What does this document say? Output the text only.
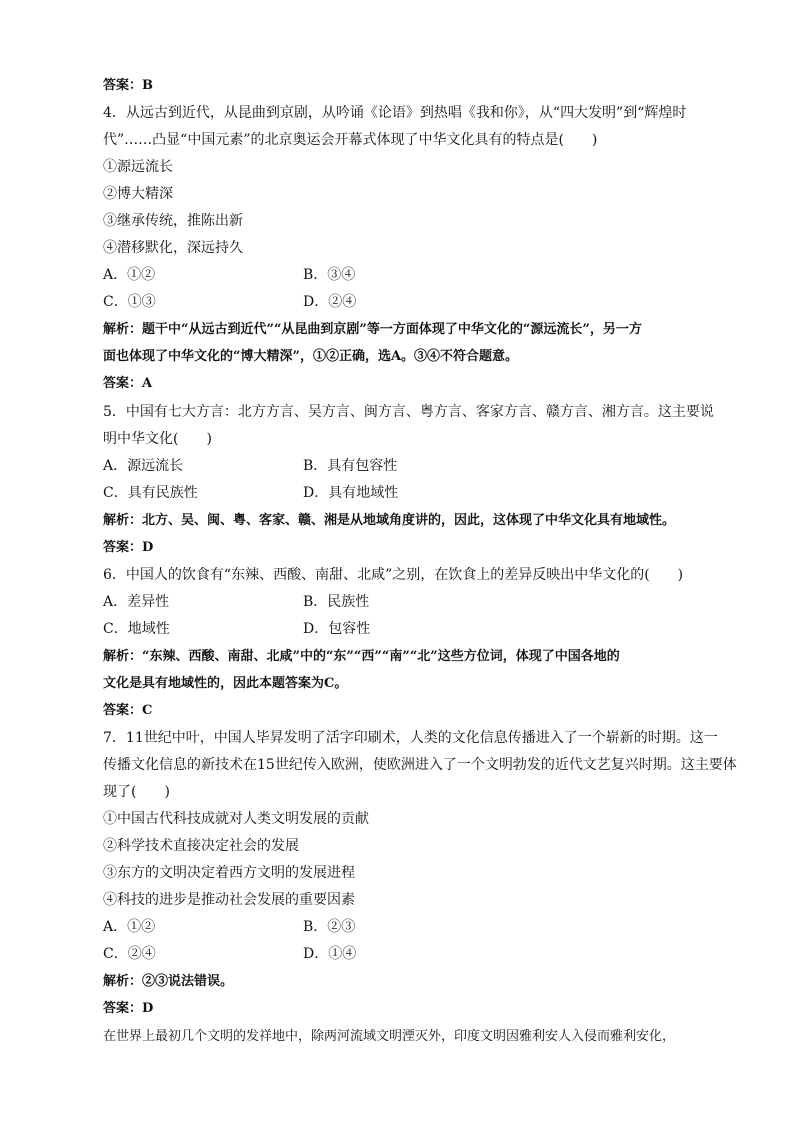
答案：B
4．从远古到近代，从昆曲到京剧，从吟诵《论语》到热唱《我和你》，从“四大发明”到“辉煌时
代”……凸显“中国元素”的北京奥运会开幕式体现了中华文化具有的特点是(　　)
①源远流长
②博大精深
③继承传统，推陈出新
④潜移默化，深远持久
A．①②	B．③④
C．①③	D．②④
解析：题干中“从远古到近代”“从昆曲到京剧”等一方面体现了中华文化的“源远流长”，另一方
面也体现了中华文化的“博大精深”，①②正确，选A。③④不符合题意。
答案：A
5．中国有七大方言：北方方言、吴方言、闽方言、粤方言、客家方言、赣方言、湘方言。这主要说
明中华文化(　　)
A．源远流长	B．具有包容性
C．具有民族性	D．具有地域性
解析：北方、吴、闽、粤、客家、赣、湘是从地域角度讲的，因此，这体现了中华文化具有地域性。
答案：D
6．中国人的饮食有“东辣、西酸、南甜、北咸”之别，在饮食上的差异反映出中华文化的(　　)
A．差异性	B．民族性
C．地域性	D．包容性
解析：“东辣、西酸、南甜、北咸”中的“东”“西”“南”“北”这些方位词，体现了中国各地的
文化是具有地域性的，因此本题答案为C。
答案：C
7．11世纪中叶，中国人毕昇发明了活字印刷术，人类的文化信息传播进入了一个崭新的时期。这一
传播文化信息的新技术在15世纪传入欧洲，使欧洲进入了一个文明勃发的近代文艺复兴时期。这主要体
现了(　　)
①中国古代科技成就对人类文明发展的贡献
②科学技术直接决定社会的发展
③东方的文明决定着西方文明的发展进程
④科技的进步是推动社会发展的重要因素
A．①②	B．②③
C．②④	D．①④
解析：②③说法错误。
答案：D
在世界上最初几个文明的发祥地中，除两河流域文明湮灭外，印度文明因雅利安人入侵而雅利安化，
